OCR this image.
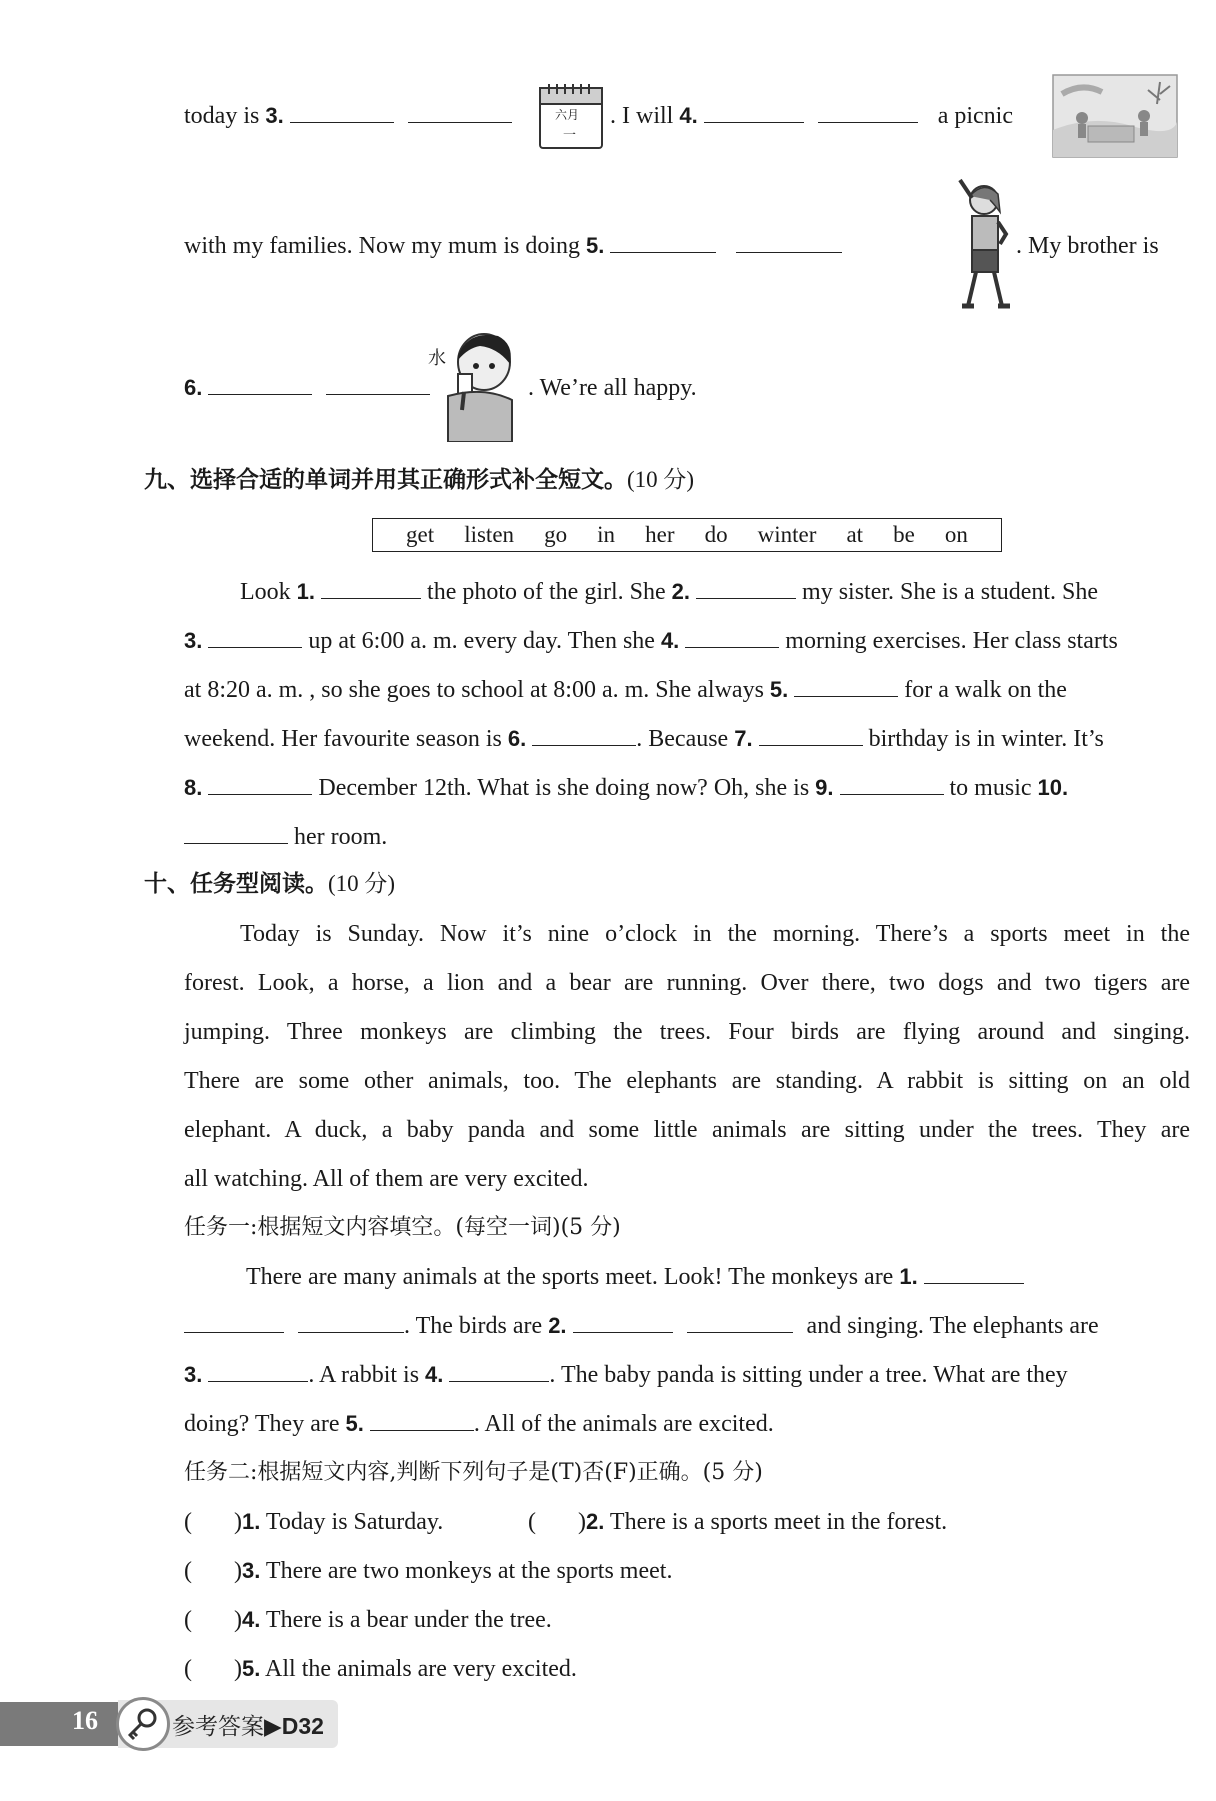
today is 3.	六月
一
. I will 4.	a picnic
with my families. Now my mum is doing 5.	. My brother is
6.
水
. We’re all happy.
九、选择合适的单词并用其正确形式补全短文。(10 分)
get listen go in her do winter at be on
Look 1.	the photo of the girl. She 2.	my sister. She is a student. She
3.	up at 6:00 a. m. every day. Then she 4.	morning exercises. Her class starts
at 8:20 a. m. , so she goes to school at 8:00 a. m. She always 5.	for a walk on the
weekend. Her favourite season is 6.	. Because 7.	birthday is in winter. It’s
8.	December 12th. What is she doing now? Oh, she is 9.	to music 10.
her room.
十、任务型阅读。(10 分)
Today is Sunday. Now it’s nine o’clock in the morning. There’s a sports meet in the
forest. Look, a horse, a lion and a bear are running. Over there, two dogs and two tigers are
jumping. Three monkeys are climbing the trees. Four birds are flying around and singing.
There are some other animals, too. The elephants are standing. A rabbit is sitting on an old
elephant. A duck, a baby panda and some little animals are sitting under the trees. They are
all watching. All of them are very excited.
任务一:根据短文内容填空。(每空一词)(5 分)
There are many animals at the sports meet. Look! The monkeys are 1.
. The birds are 2.	and singing. The elephants are
3.	. A rabbit is 4.	. The baby panda is sitting under a tree. What are they
doing? They are 5.	. All of the animals are excited.
任务二:根据短文内容,判断下列句子是(T)否(F)正确。(5 分)
(       )1. Today is Saturday.	(       )2. There is a sports meet in the forest.
(       )3. There are two monkeys at the sports meet.
(       )4. There is a bear under the tree.
(       )5. All the animals are very excited.
16	参考答案▶D32
